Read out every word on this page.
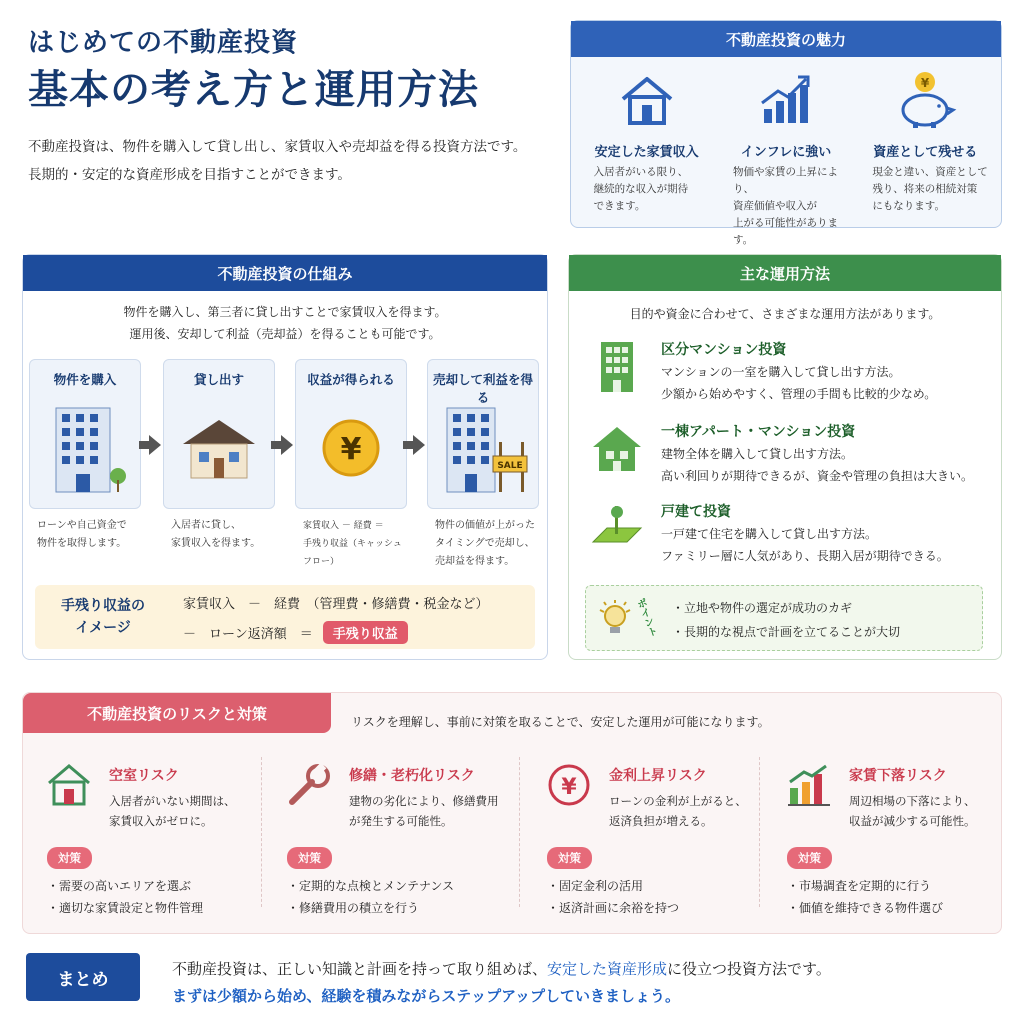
はじめての不動産投資
基本の考え方と運用方法
不動産投資は、物件を購入して貸し出し、家賃収入や売却益を得る投資方法です。
長期的・安定的な資産形成を目指すことができます。
不動産投資の魅力
安定した家賃収入
入居者がいる限り、
継続的な収入が期待
できます。
インフレに強い
物価や家賃の上昇により、
資産価値や収入が
上がる可能性があります。
¥
資産として残せる
現金と違い、資産として
残り、将来の相続対策
にもなります。
不動産投資の仕組み
物件を購入し、第三者に貸し出すことで家賃収入を得ます。
運用後、安却して利益（売却益）を得ることも可能です。
物件を購入
ローンや自己資金で
物件を取得します。
貸し出す
入居者に貸し、
家賃収入を得ます。
収益が得られる
¥
家賃収入 － 経費 ＝
手残り収益（キャッシュフロー）
売却して利益を得る
SALE
物件の価値が上がった
タイミングで売却し、
売却益を得ます。
手残り収益の
イメージ
家賃収入　－　経費　（管理費・修繕費・税金など）
－　ローン返済額　＝	手残り収益
主な運用方法
目的や資金に合わせて、さまざまな運用方法があります。
区分マンション投資
マンションの一室を購入して貸し出す方法。
少額から始めやすく、管理の手間も比較的少なめ。
一棟アパート・マンション投資
建物全体を購入して貸し出す方法。
高い利回りが期待できるが、資金や管理の負担は大きい。
戸建て投資
一戸建て住宅を購入して貸し出す方法。
ファミリー層に人気があり、長期入居が期待できる。
ポイント ・立地や物件の選定が成功のカギ
・長期的な視点で計画を立てることが大切
不動産投資のリスクと対策	リスクを理解し、事前に対策を取ることで、安定した運用が可能になります。
空室リスク
入居者がいない期間は、
家賃収入がゼロに。
対策
・需要の高いエリアを選ぶ
・適切な家賃設定と物件管理
修繕・老朽化リスク
建物の劣化により、修繕費用
が発生する可能性。
対策
・定期的な点検とメンテナンス
・修繕費用の積立を行う
¥ 金利上昇リスク
ローンの金利が上がると、
返済負担が増える。
対策
・固定金利の活用
・返済計画に余裕を持つ
家賃下落リスク
周辺相場の下落により、
収益が減少する可能性。
対策
・市場調査を定期的に行う
・価値を維持できる物件選び
まとめ
不動産投資は、正しい知識と計画を持って取り組めば、安定した資産形成に役立つ投資方法です。
まずは少額から始め、経験を積みながらステップアップしていきましょう。
